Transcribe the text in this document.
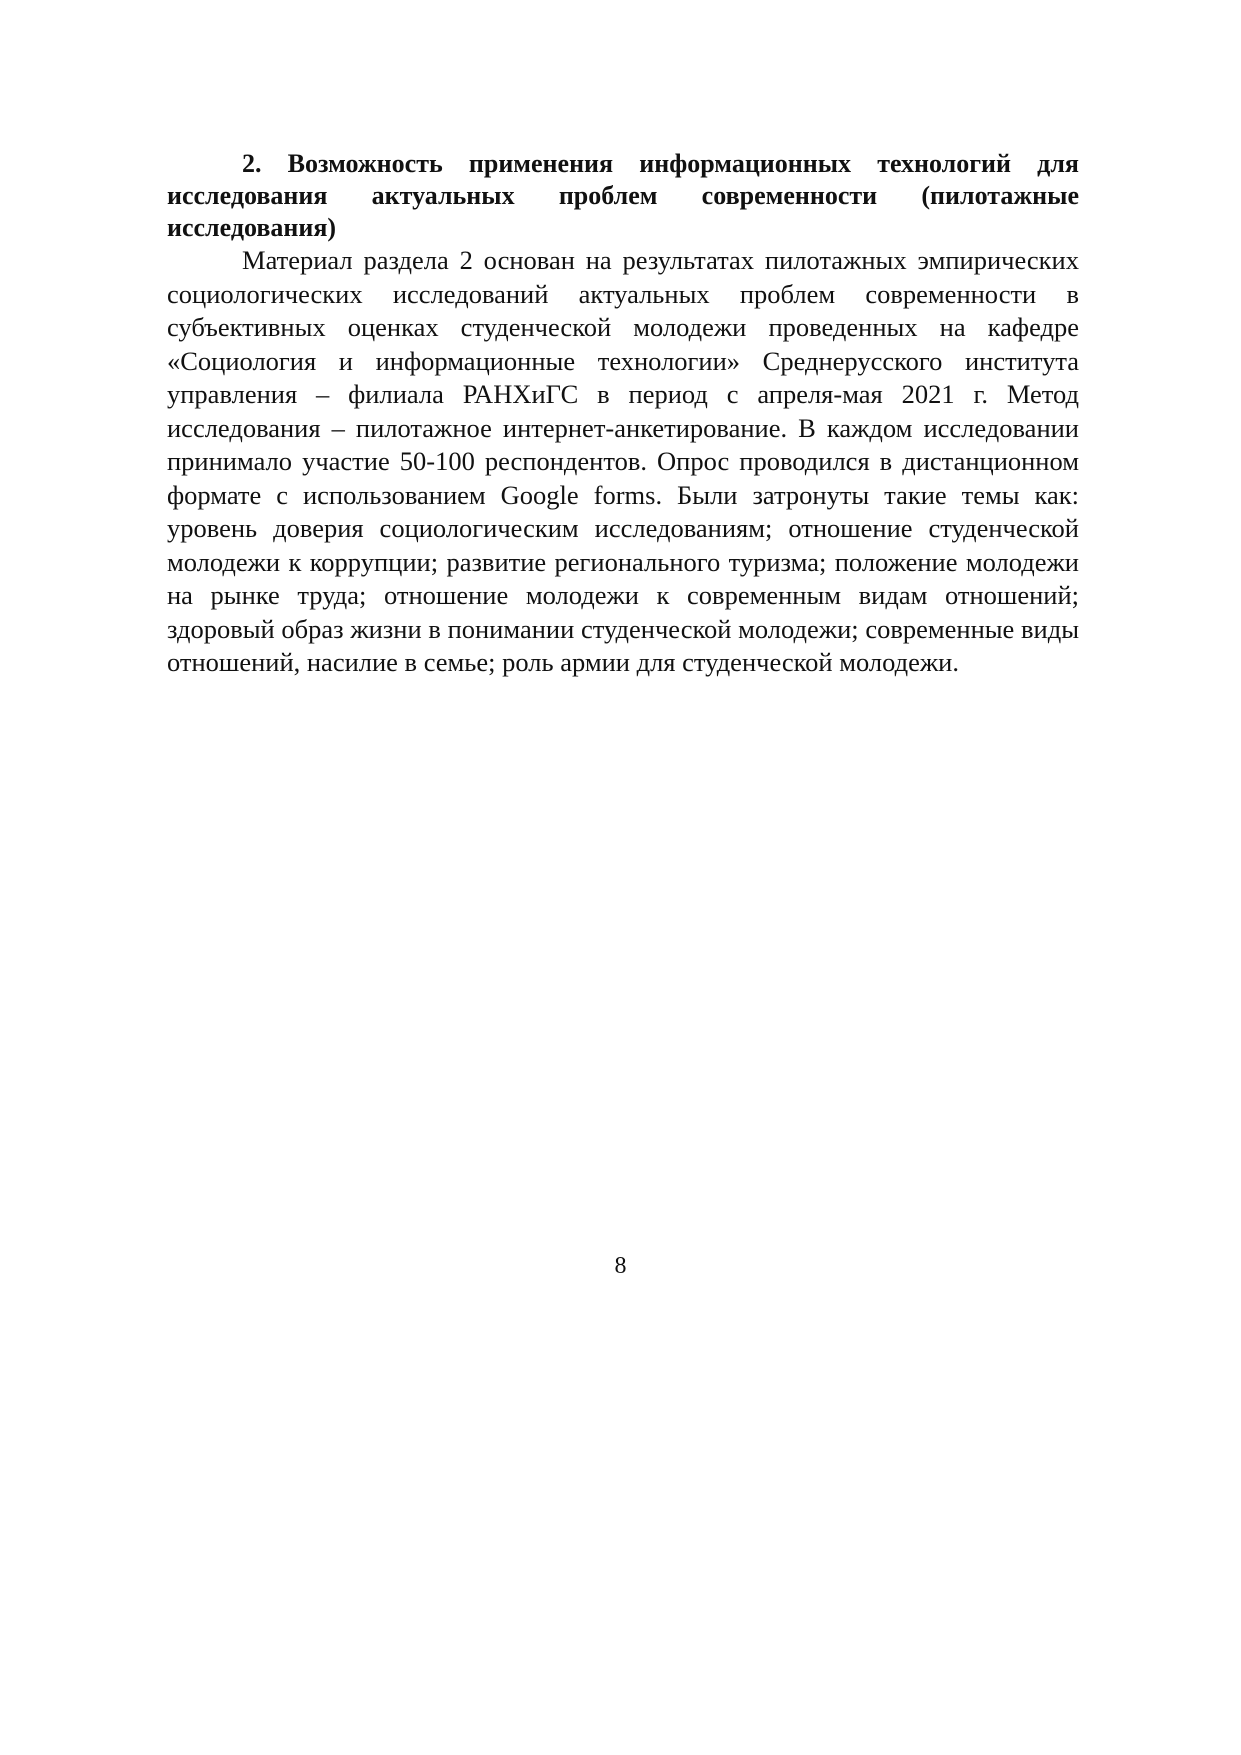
2. Возможность применения информационных технологий для исследования актуальных проблем современности (пилотажные исследования)

Материал раздела 2 основан на результатах пилотажных эмпирических социологических исследований актуальных проблем современности в субъективных оценках студенческой молодежи проведенных на кафедре «Социология и информационные технологии» Среднерусского института управления – филиала РАНХиГС в период с апреля-мая 2021 г. Метод исследования – пилотажное интернет-анкетирование. В каждом исследовании принимало участие 50-100 респондентов. Опрос проводился в дистанционном формате с использованием Google forms. Были затронуты такие темы как: уровень доверия социологическим исследованиям; отношение студенческой молодежи к коррупции; развитие регионального туризма; положение молодежи на рынке труда; отношение молодежи к современным видам отношений; здоровый образ жизни в понимании студенческой молодежи; современные виды отношений, насилие в семье; роль армии для студенческой молодежи.

8
